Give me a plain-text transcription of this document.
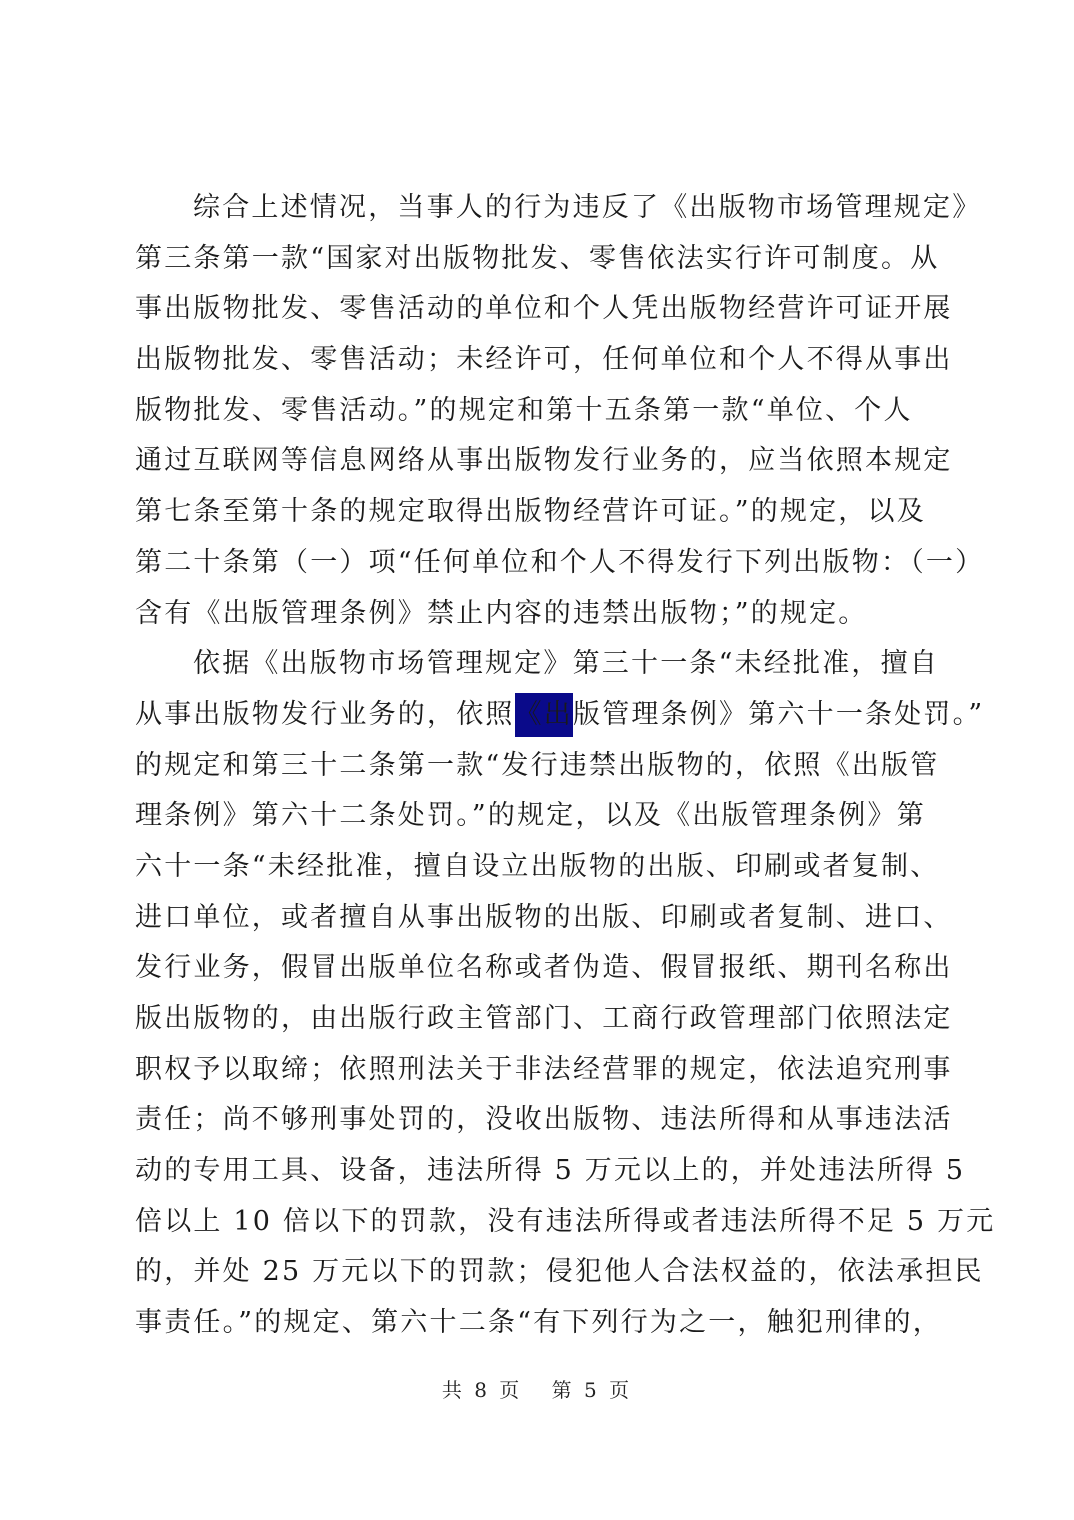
综合上述情况，当事人的行为违反了《出版物市场管理规定》
第三条第一款“国家对出版物批发、零售依法实行许可制度。从
事出版物批发、零售活动的单位和个人凭出版物经营许可证开展
出版物批发、零售活动；未经许可，任何单位和个人不得从事出
版物批发、零售活动。”的规定和第十五条第一款“单位、个人
通过互联网等信息网络从事出版物发行业务的，应当依照本规定
第七条至第十条的规定取得出版物经营许可证。”的规定，以及
第二十条第（一）项“任何单位和个人不得发行下列出版物：（一）
含有《出版管理条例》禁止内容的违禁出版物；”的规定。
依据《出版物市场管理规定》第三十一条“未经批准，擅自
从事出版物发行业务的，依照《出版管理条例》第六十一条处罚。”
的规定和第三十二条第一款“发行违禁出版物的，依照《出版管
理条例》第六十二条处罚。”的规定，以及《出版管理条例》第
六十一条“未经批准，擅自设立出版物的出版、印刷或者复制、
进口单位，或者擅自从事出版物的出版、印刷或者复制、进口、
发行业务，假冒出版单位名称或者伪造、假冒报纸、期刊名称出
版出版物的，由出版行政主管部门、工商行政管理部门依照法定
职权予以取缔；依照刑法关于非法经营罪的规定，依法追究刑事
责任；尚不够刑事处罚的，没收出版物、违法所得和从事违法活
动的专用工具、设备，违法所得 5 万元以上的，并处违法所得 5
倍以上 10 倍以下的罚款，没有违法所得或者违法所得不足 5 万元
的，并处 25 万元以下的罚款；侵犯他人合法权益的，依法承担民
事责任。”的规定、第六十二条“有下列行为之一，触犯刑律的，
共 8 页 第 5 页
